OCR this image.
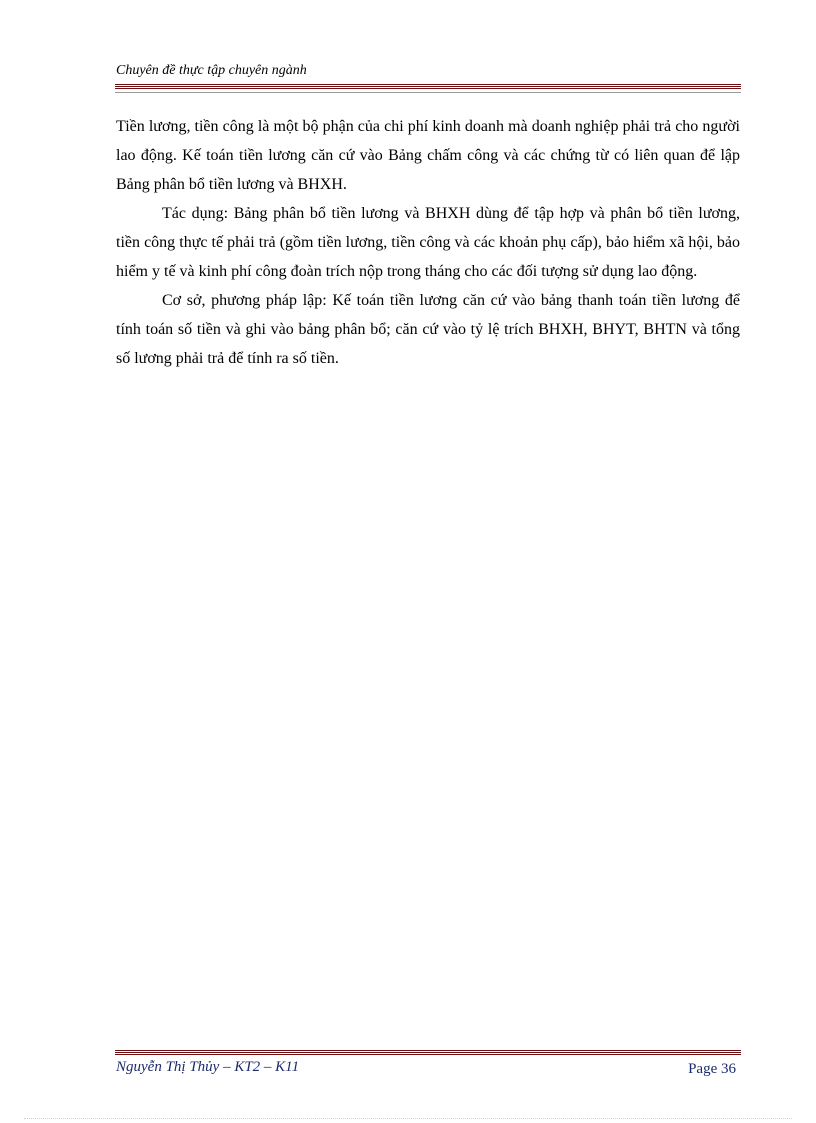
Chuyên đề thực tập chuyên ngành

Tiền lương, tiền công là một bộ phận của chi phí kinh doanh mà doanh nghiệp phải trả cho người lao động. Kế toán tiền lương căn cứ vào Bảng chấm công và các chứng từ có liên quan để lập Bảng phân bổ tiền lương và BHXH.

Tác dụng: Bảng phân bổ tiền lương và BHXH dùng để tập hợp và phân bổ tiền lương, tiền công thực tế phải trả (gồm tiền lương, tiền công và các khoản phụ cấp), bảo hiểm xã hội, bảo hiểm y tế và kinh phí công đoàn trích nộp trong tháng cho các đối tượng sử dụng lao động.

Cơ sở, phương pháp lập: Kế toán tiền lương căn cứ vào bảng thanh toán tiền lương để tính toán số tiền và ghi vào bảng phân bổ; căn cứ vào tỷ lệ trích BHXH, BHYT, BHTN và tổng số lương phải trả để tính ra số tiền.

Nguyễn Thị Thủy – KT2 – K11	Page 36
